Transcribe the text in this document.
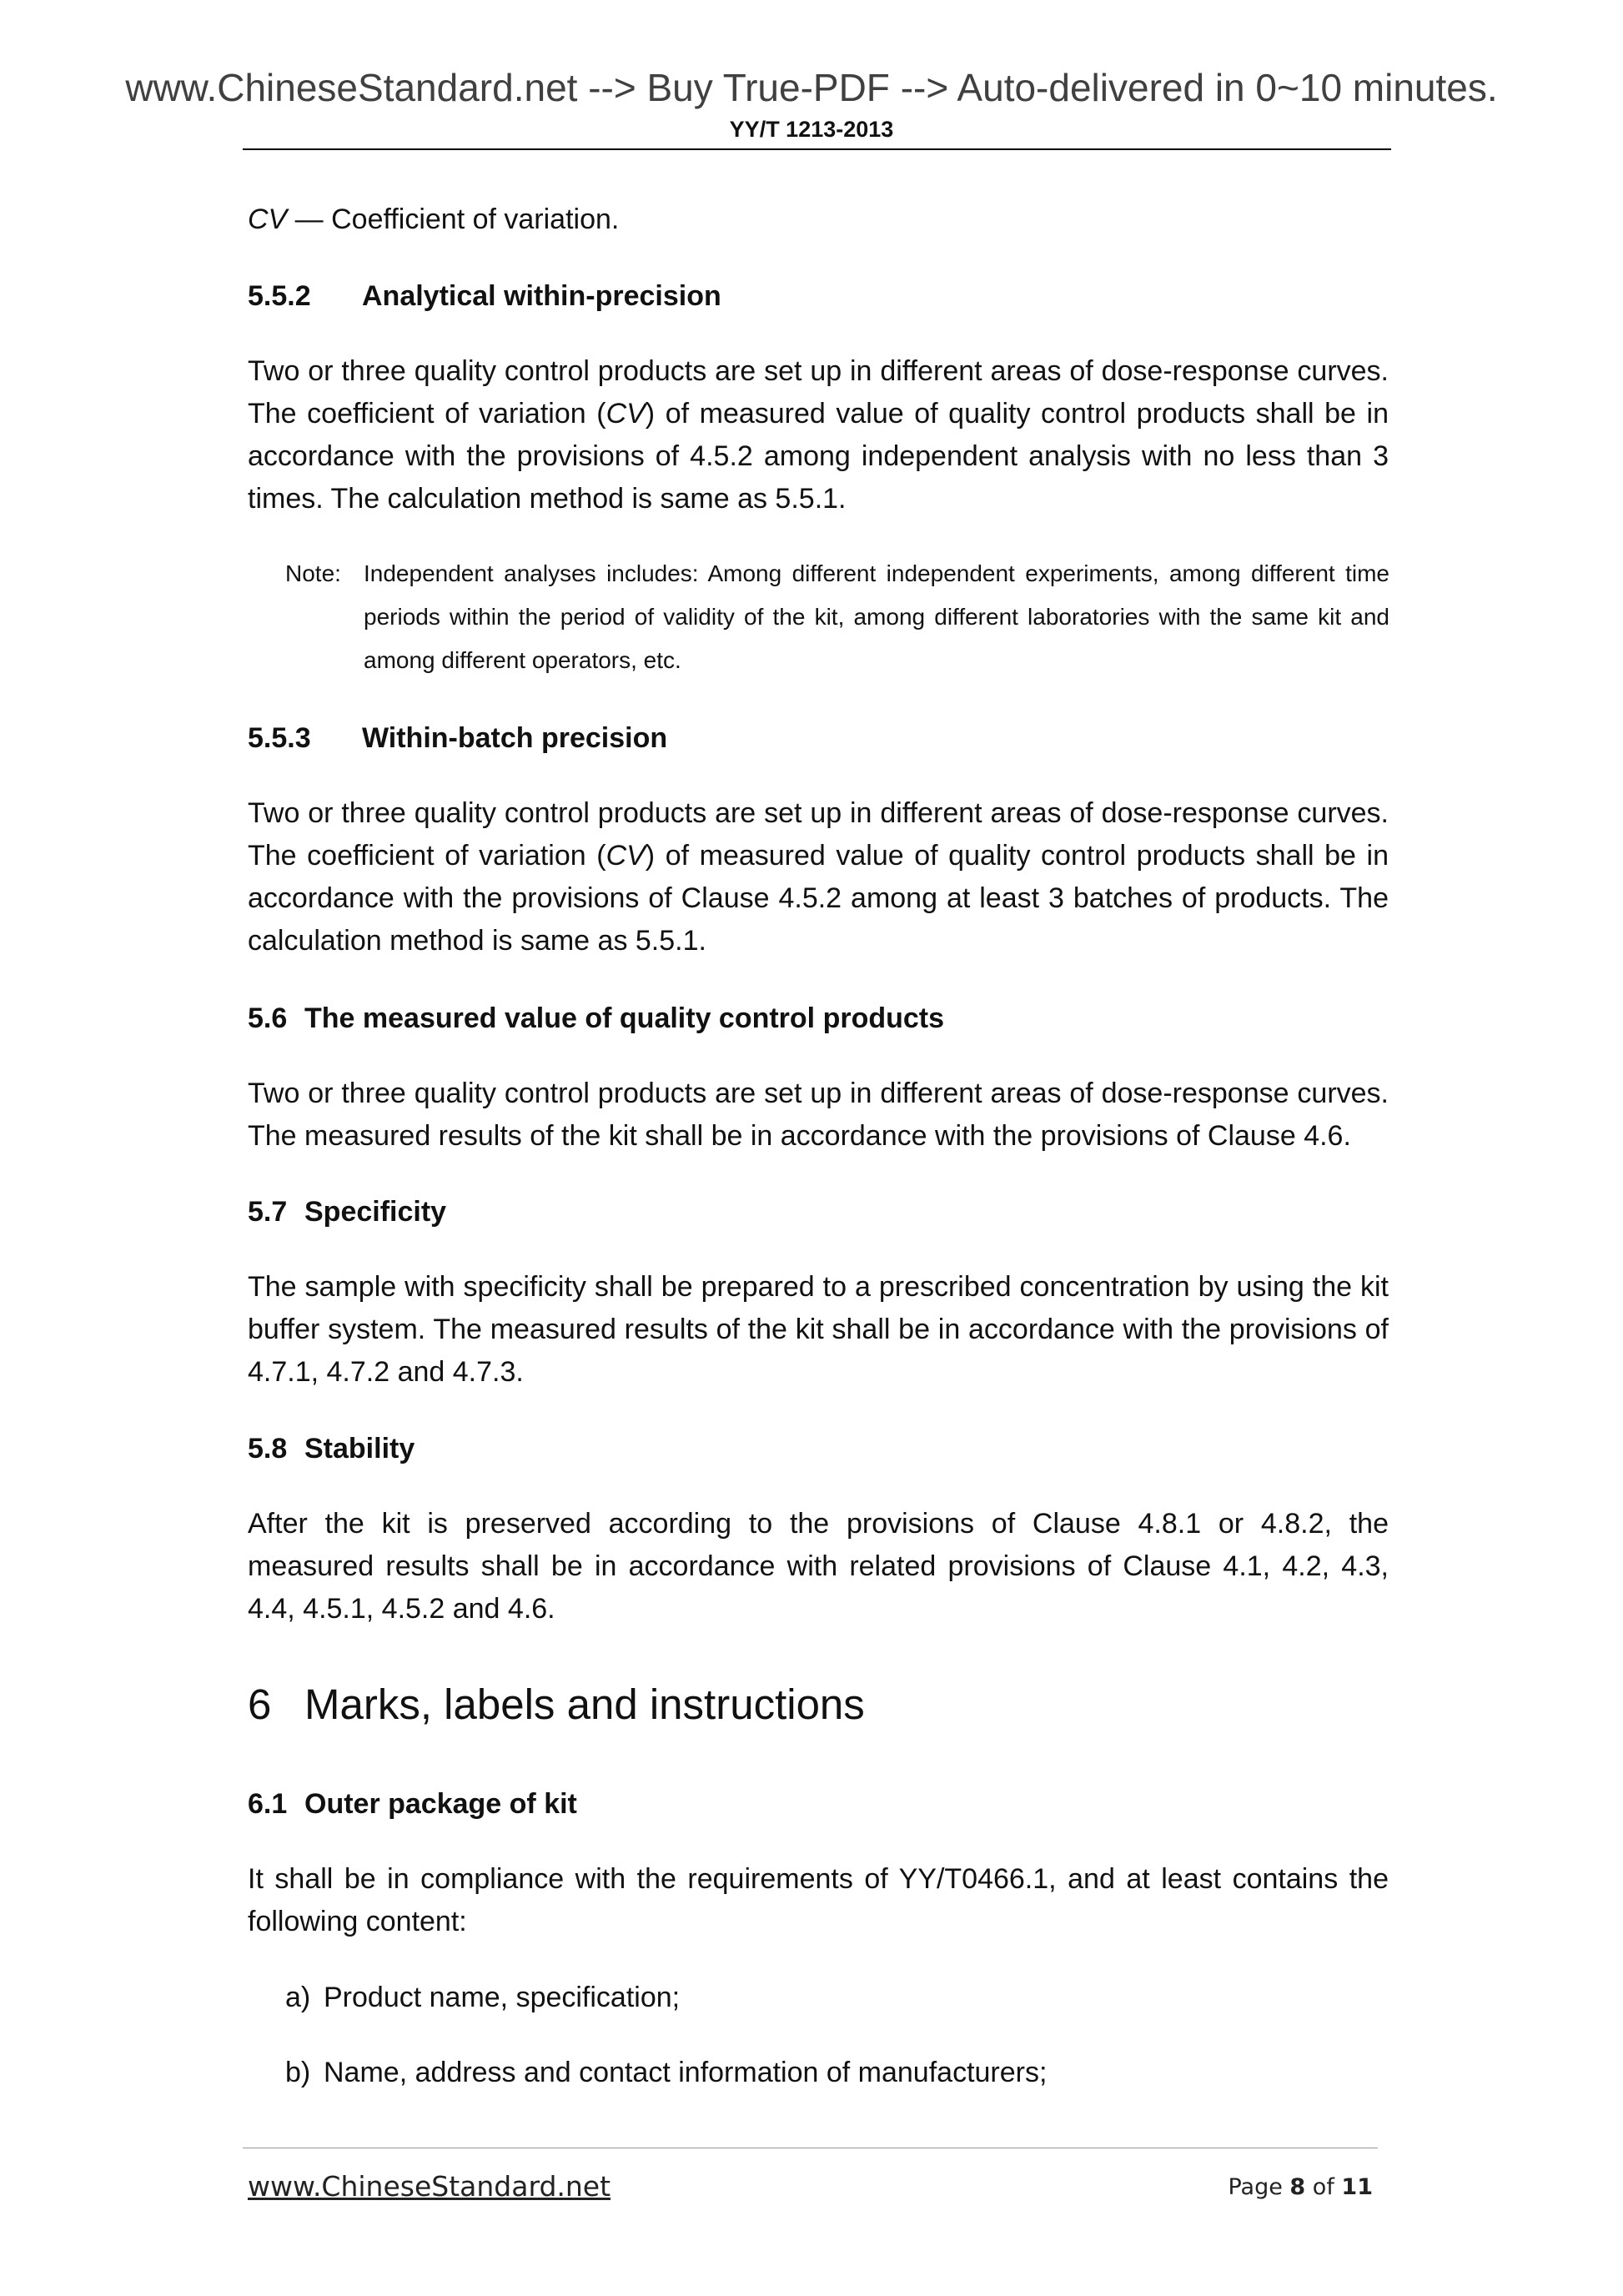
www.ChineseStandard.net --> Buy True-PDF --> Auto-delivered in 0~10 minutes.
YY/T 1213-2013
CV — Coefficient of variation.
5.5.2 Analytical within-precision
Two or three quality control products are set up in different areas of dose-response curves. The coefficient of variation (CV) of measured value of quality control products shall be in accordance with the provisions of 4.5.2 among independent analysis with no less than 3 times. The calculation method is same as 5.5.1.
Note: Independent analyses includes: Among different independent experiments, among different time periods within the period of validity of the kit, among different laboratories with the same kit and among different operators, etc.
5.5.3 Within-batch precision
Two or three quality control products are set up in different areas of dose-response curves. The coefficient of variation (CV) of measured value of quality control products shall be in accordance with the provisions of Clause 4.5.2 among at least 3 batches of products. The calculation method is same as 5.5.1.
5.6 The measured value of quality control products
Two or three quality control products are set up in different areas of dose-response curves. The measured results of the kit shall be in accordance with the provisions of Clause 4.6.
5.7 Specificity
The sample with specificity shall be prepared to a prescribed concentration by using the kit buffer system. The measured results of the kit shall be in accordance with the provisions of 4.7.1, 4.7.2 and 4.7.3.
5.8 Stability
After the kit is preserved according to the provisions of Clause 4.8.1 or 4.8.2, the measured results shall be in accordance with related provisions of Clause 4.1, 4.2, 4.3, 4.4, 4.5.1, 4.5.2 and 4.6.
6 Marks, labels and instructions
6.1 Outer package of kit
It shall be in compliance with the requirements of YY/T0466.1, and at least contains the following content:
a) Product name, specification;
b) Name, address and contact information of manufacturers;
www.ChineseStandard.net	Page 8 of 11
